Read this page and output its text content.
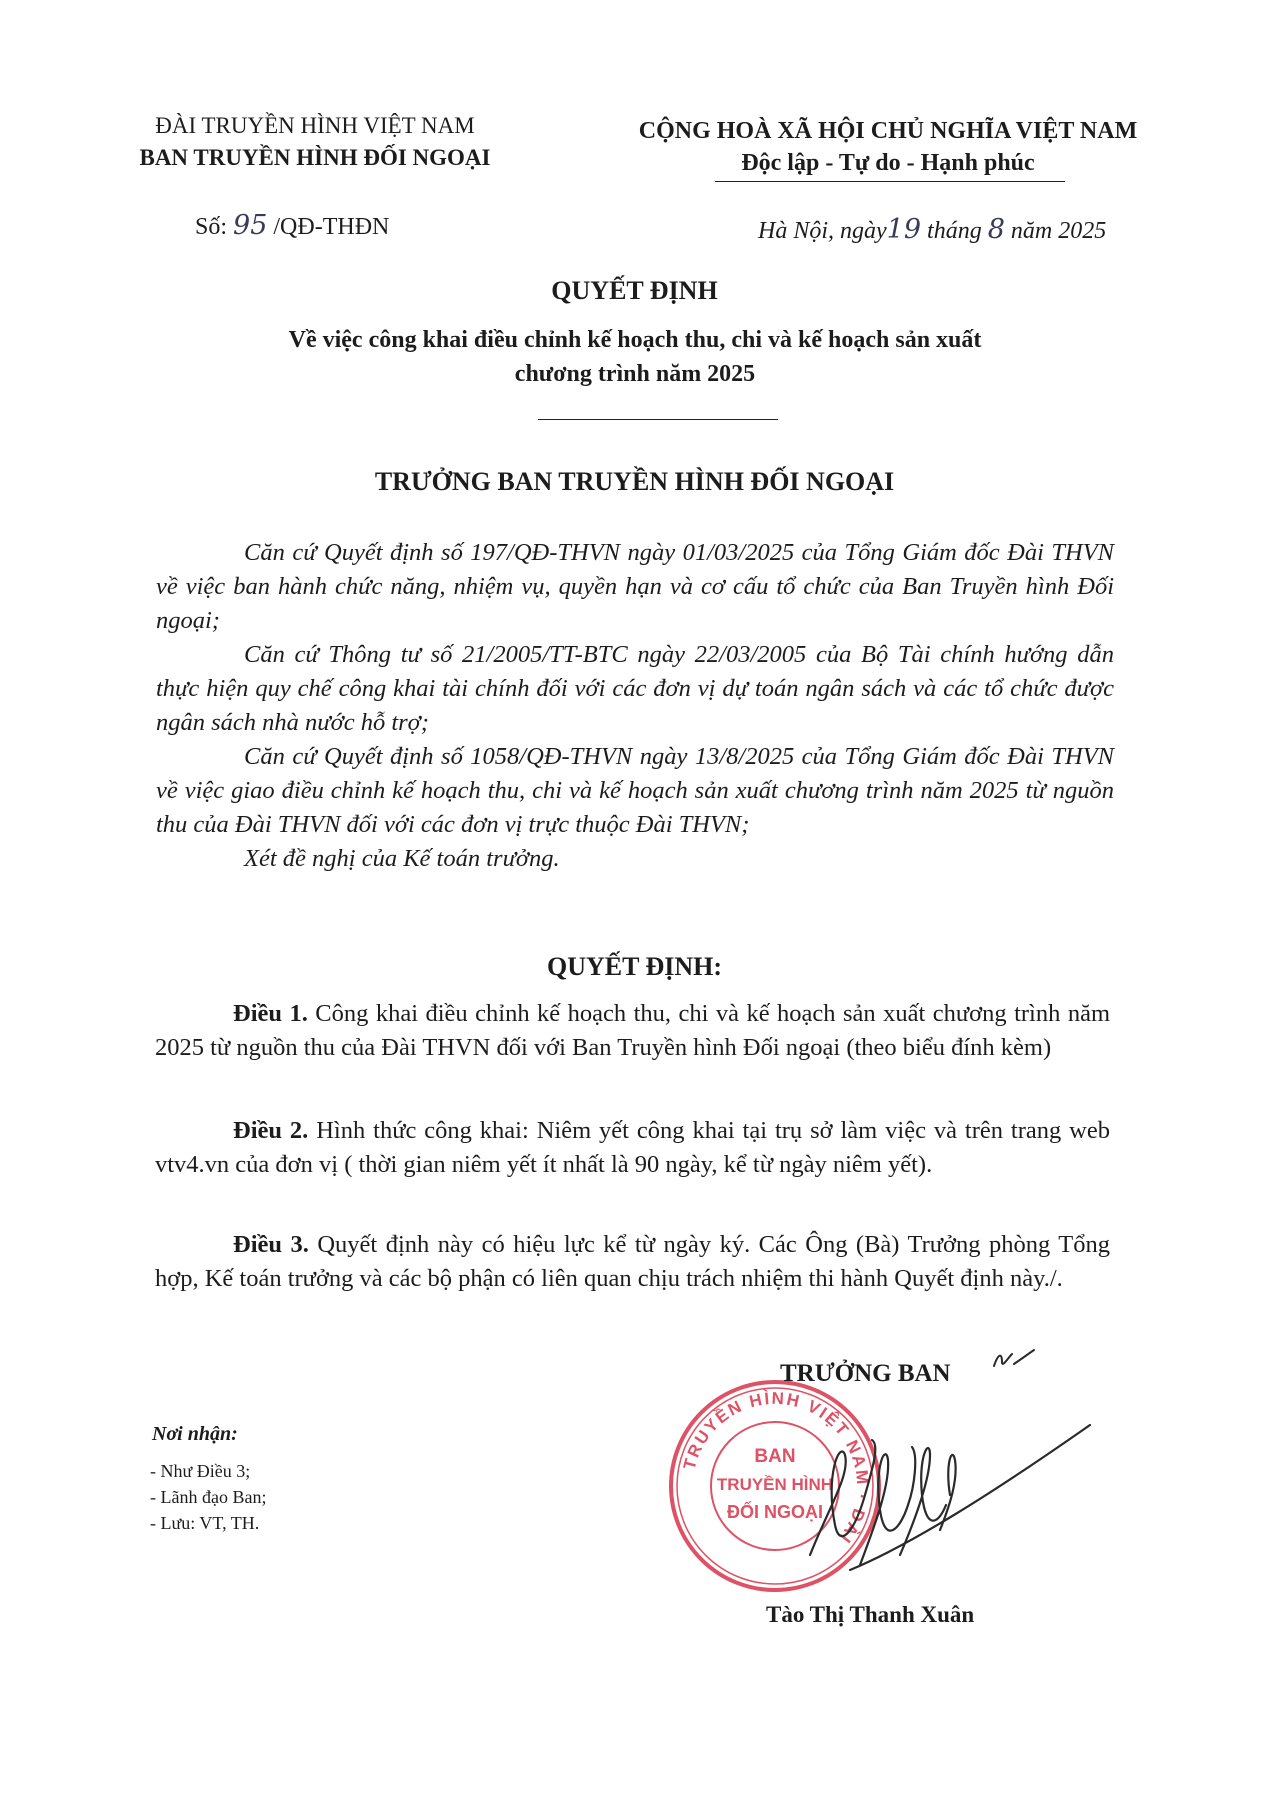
ĐÀI TRUYỀN HÌNH VIỆT NAM
BAN TRUYỀN HÌNH ĐỐI NGOẠI
CỘNG HOÀ XÃ HỘI CHỦ NGHĨA VIỆT NAM
Độc lập - Tự do - Hạnh phúc
Số: 95 /QĐ-THĐN	Hà Nội, ngày19 tháng 8 năm 2025
QUYẾT ĐỊNH
Về việc công khai điều chỉnh kế hoạch thu, chi và kế hoạch sản xuất
chương trình năm 2025
TRƯỞNG BAN TRUYỀN HÌNH ĐỐI NGOẠI

Căn cứ Quyết định số 197/QĐ-THVN ngày 01/03/2025 của Tổng Giám đốc Đài THVN về việc ban hành chức năng, nhiệm vụ, quyền hạn và cơ cấu tổ chức của Ban Truyền hình Đối ngoại;

Căn cứ Thông tư số 21/2005/TT-BTC ngày 22/03/2005 của Bộ Tài chính hướng dẫn thực hiện quy chế công khai tài chính đối với các đơn vị dự toán ngân sách và các tổ chức được ngân sách nhà nước hỗ trợ;

Căn cứ Quyết định số 1058/QĐ-THVN ngày 13/8/2025 của Tổng Giám đốc Đài THVN về việc giao điều chỉnh kế hoạch thu, chi và kế hoạch sản xuất chương trình năm 2025 từ nguồn thu của Đài THVN đối với các đơn vị trực thuộc Đài THVN;

Xét đề nghị của Kế toán trưởng.

QUYẾT ĐỊNH:
Điều 1. Công khai điều chỉnh kế hoạch thu, chi và kế hoạch sản xuất chương trình năm 2025 từ nguồn thu của Đài THVN đối với Ban Truyền hình Đối ngoại (theo biểu đính kèm)
Điều 2. Hình thức công khai: Niêm yết công khai tại trụ sở làm việc và trên trang web vtv4.vn của đơn vị ( thời gian niêm yết ít nhất là 90 ngày, kể từ ngày niêm yết).
Điều 3. Quyết định này có hiệu lực kể từ ngày ký. Các Ông (Bà) Trưởng phòng Tổng hợp, Kế toán trưởng và các bộ phận có liên quan chịu trách nhiệm thi hành Quyết định này./.
Nơi nhận:
- Như Điều 3;
- Lãnh đạo Ban;
- Lưu: VT, TH.
TRUYỀN HÌNH VIỆT NAM · ĐÀI
BAN
TRUYỀN HÌNH
ĐỐI NGOẠI
TRƯỞNG BAN
Tào Thị Thanh Xuân
